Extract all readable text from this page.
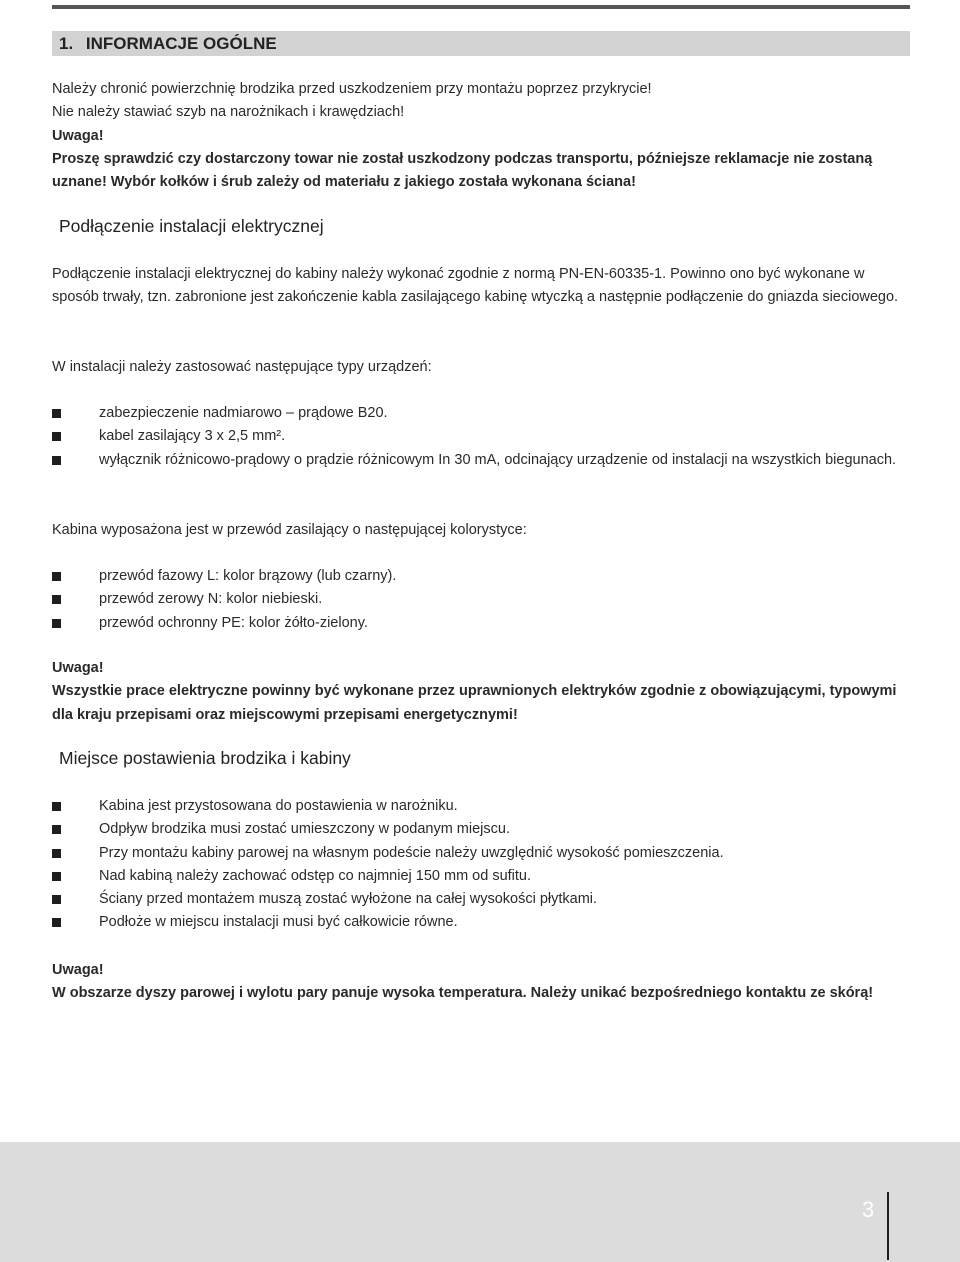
1. INFORMACJE OGÓLNE

Należy chronić powierzchnię brodzika przed uszkodzeniem przy montażu poprzez przykrycie!

Nie należy stawiać szyb na narożnikach i krawędziach!

Uwaga!

Proszę sprawdzić czy dostarczony towar nie został uszkodzony podczas transportu, późniejsze reklamacje nie zostaną uznane! Wybór kołków i śrub zależy od materiału z jakiego została wykonana ściana!

Podłączenie instalacji elektrycznej

Podłączenie instalacji elektrycznej do kabiny należy wykonać zgodnie z normą PN-EN-60335-1. Powinno ono być wykonane w sposób trwały, tzn. zabronione jest zakończenie kabla zasilającego kabinę wtyczką a następnie podłączenie do gniazda sieciowego.

W instalacji należy zastosować następujące typy urządzeń:

zabezpieczenie nadmiarowo – prądowe B20.
kabel zasilający 3 x 2,5 mm².
wyłącznik różnicowo-prądowy o prądzie różnicowym In 30 mA, odcinający urządzenie od instalacji na wszystkich biegunach.

Kabina wyposażona jest w przewód zasilający o następującej kolorystyce:

przewód fazowy L: kolor brązowy (lub czarny).
przewód zerowy N: kolor niebieski.
przewód ochronny PE: kolor żółto-zielony.

Uwaga!

Wszystkie prace elektryczne powinny być wykonane przez uprawnionych elektryków zgodnie z obowiązującymi, typowymi dla kraju przepisami oraz miejscowymi przepisami energetycznymi!

Miejsce postawienia brodzika i kabiny
Kabina jest przystosowana do postawienia w narożniku.
Odpływ brodzika musi zostać umieszczony w podanym miejscu.
Przy montażu kabiny parowej na własnym podeście należy uwzględnić wysokość pomieszczenia.
Nad kabiną należy zachować odstęp co najmniej 150 mm od sufitu.
Ściany przed montażem muszą zostać wyłożone na całej wysokości płytkami.
Podłoże w miejscu instalacji musi być całkowicie równe.

Uwaga!

W obszarze dyszy parowej i wylotu pary panuje wysoka temperatura. Należy unikać bezpośredniego kontaktu ze skórą!

3
